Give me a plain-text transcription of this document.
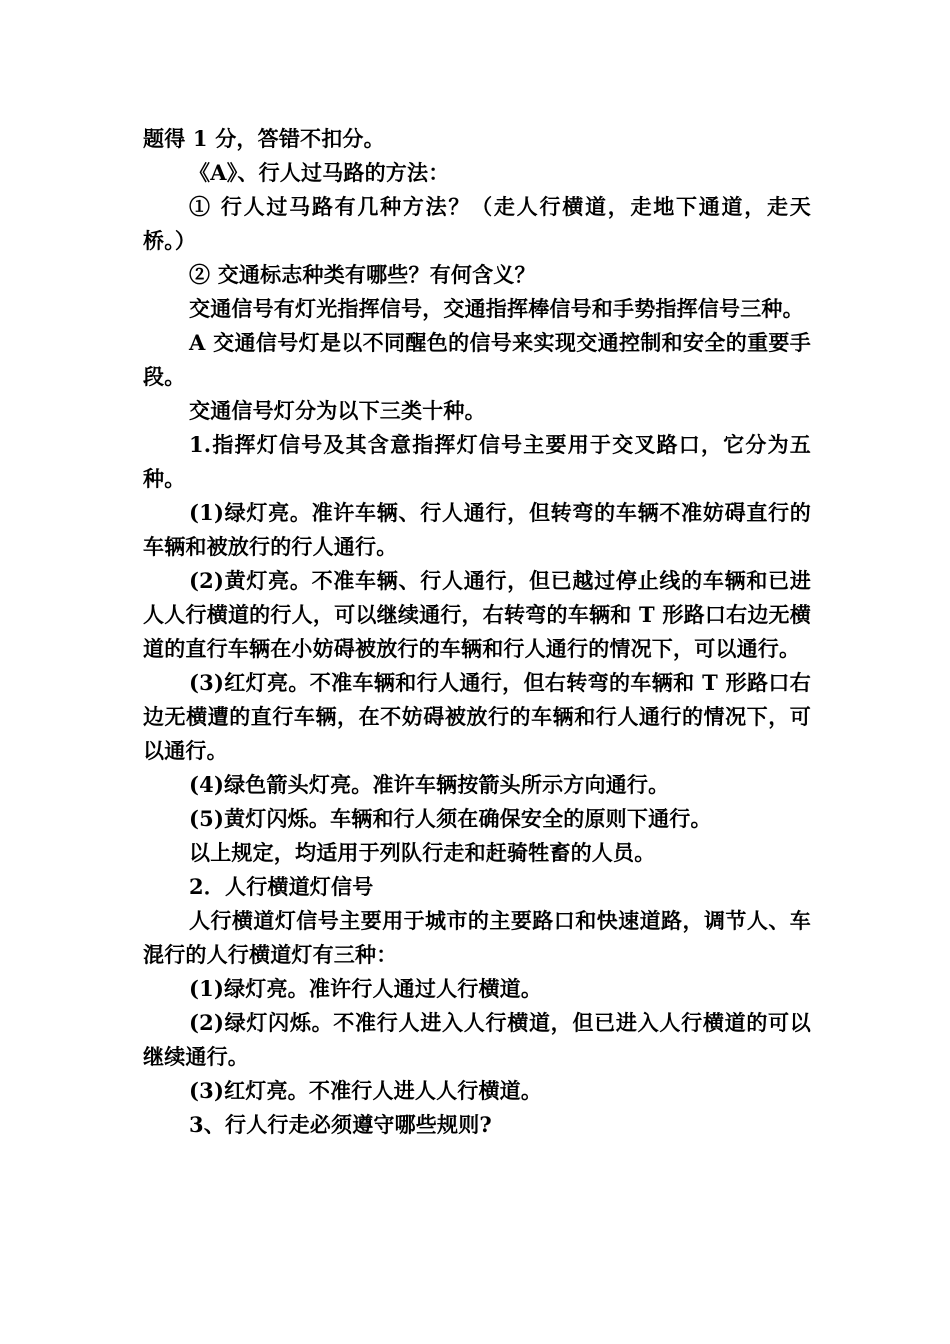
题得 1 分，答错不扣分。

《A》、行人过马路的方法：

① 行人过马路有几种方法？（走人行横道，走地下通道，走天桥。）

② 交通标志种类有哪些？有何含义？

交通信号有灯光指挥信号，交通指挥棒信号和手势指挥信号三种。

A 交通信号灯是以不同醒色的信号来实现交通控制和安全的重要手段。

交通信号灯分为以下三类十种。

1.指挥灯信号及其含意指挥灯信号主要用于交叉路口，它分为五种。

(1)绿灯亮。准许车辆、行人通行，但转弯的车辆不准妨碍直行的车辆和被放行的行人通行。

(2)黄灯亮。不准车辆、行人通行，但已越过停止线的车辆和已进人人行横道的行人，可以继续通行，右转弯的车辆和 T 形路口右边无横道的直行车辆在小妨碍被放行的车辆和行人通行的情况下，可以通行。

(3)红灯亮。不准车辆和行人通行，但右转弯的车辆和 T 形路口右边无横遭的直行车辆，在不妨碍被放行的车辆和行人通行的情况下，可以通行。

(4)绿色箭头灯亮。准许车辆按箭头所示方向通行。

(5)黄灯闪烁。车辆和行人须在确保安全的原则下通行。

以上规定，均适用于列队行走和赶骑牲畜的人员。

2．人行横道灯信号

人行横道灯信号主要用于城市的主要路口和快速道路，调节人、车混行的人行横道灯有三种：

(1)绿灯亮。准许行人通过人行横道。

(2)绿灯闪烁。不准行人进入人行横道，但已进入人行横道的可以继续通行。

(3)红灯亮。不准行人进人人行横道。

3、行人行走必须遵守哪些规则?
